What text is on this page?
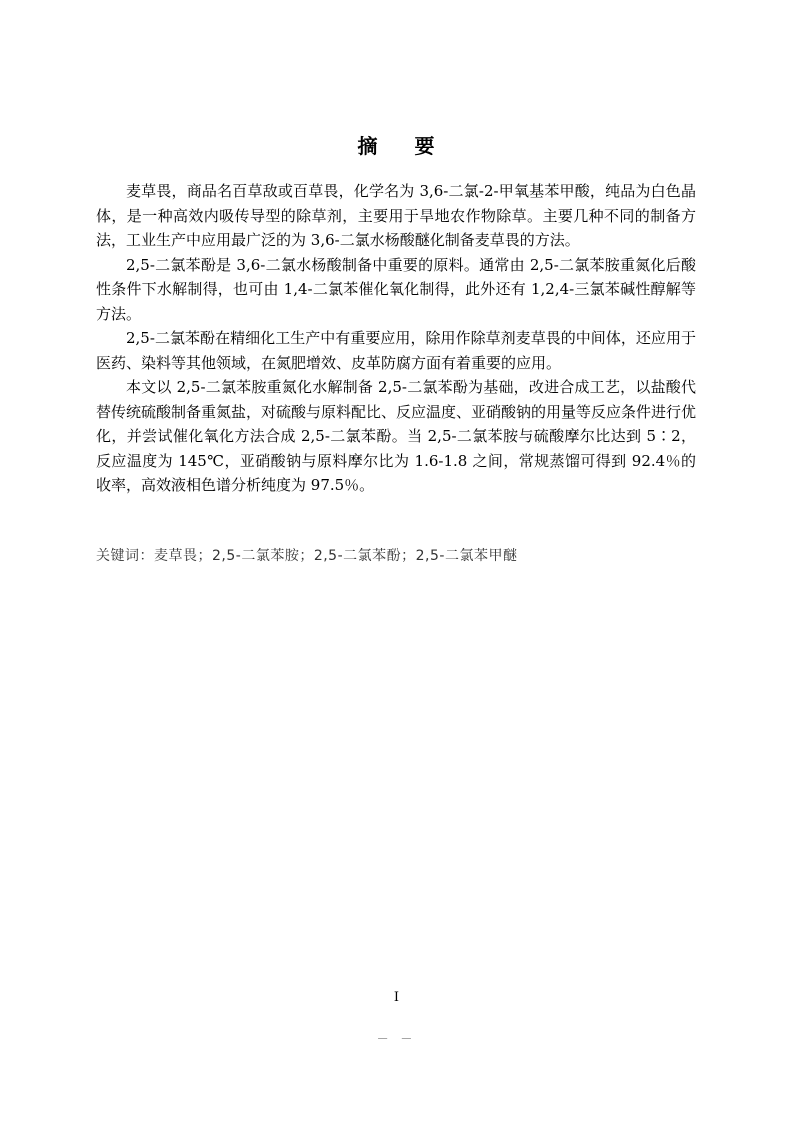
摘 要

麦草畏，商品名百草敌或百草畏，化学名为 3,6-二氯-2-甲氧基苯甲酸，纯品为白色晶体，是一种高效内吸传导型的除草剂，主要用于旱地农作物除草。主要几种不同的制备方法，工业生产中应用最广泛的为 3,6-二氯水杨酸醚化制备麦草畏的方法。

2,5-二氯苯酚是 3,6-二氯水杨酸制备中重要的原料。通常由 2,5-二氯苯胺重氮化后酸性条件下水解制得，也可由 1,4-二氯苯催化氧化制得，此外还有 1,2,4-三氯苯碱性醇解等方法。

2,5-二氯苯酚在精细化工生产中有重要应用，除用作除草剂麦草畏的中间体，还应用于医药、染料等其他领域，在氮肥增效、皮革防腐方面有着重要的应用。

本文以 2,5-二氯苯胺重氮化水解制备 2,5-二氯苯酚为基础，改进合成工艺，以盐酸代替传统硫酸制备重氮盐，对硫酸与原料配比、反应温度、亚硝酸钠的用量等反应条件进行优化，并尝试催化氧化方法合成 2,5-二氯苯酚。当 2,5-二氯苯胺与硫酸摩尔比达到 5∶2，反应温度为 145℃，亚硝酸钠与原料摩尔比为 1.6-1.8 之间，常规蒸馏可得到 92.4％的收率，高效液相色谱分析纯度为 97.5％。

关键词：麦草畏；2,5-二氯苯胺；2,5-二氯苯酚；2,5-二氯苯甲醚
I
－ －
